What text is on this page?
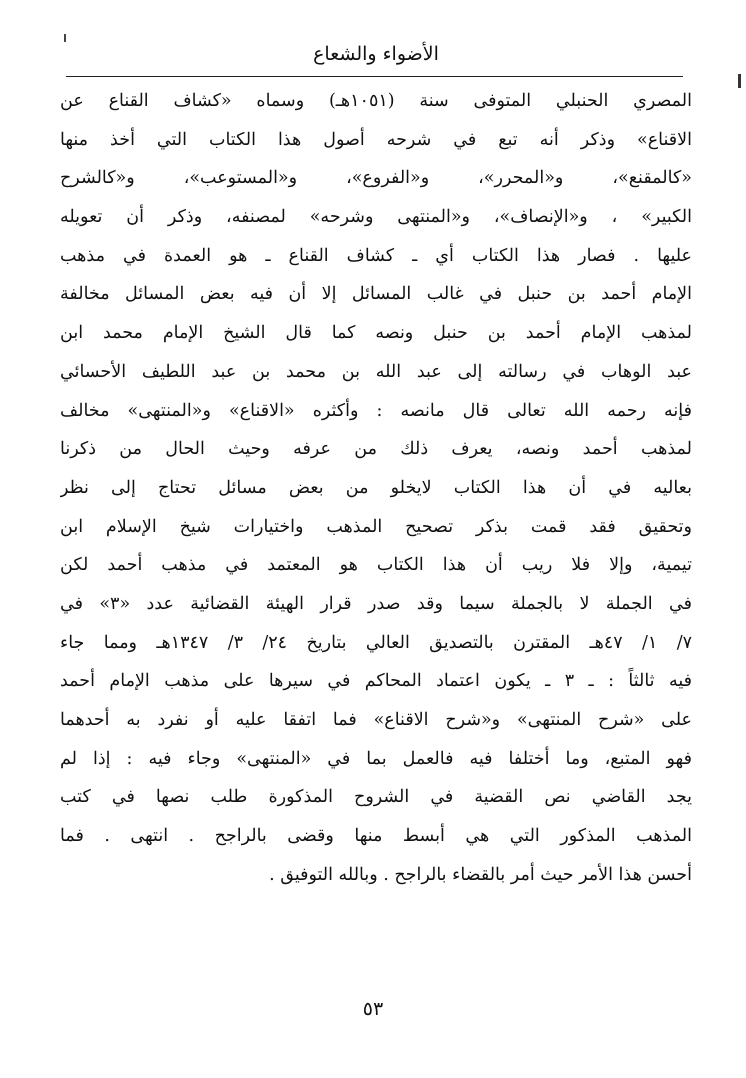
الأضواء والشعاع
المصري الحنبلي المتوفى سنة (١٠٥١هـ) وسماه «كشاف القناع عن
الاقناع» وذكر أنه تبع في شرحه أصول هذا الكتاب التي أخذ منها
«كالمقنع»، و«المحرر»، و«الفروع»، و«المستوعب»، و«كالشرح
الكبير» ، و«الإنصاف»، و«المنتهى وشرحه» لمصنفه، وذكر أن تعويله
عليها . فصار هذا الكتاب أي ـ كشاف القناع ـ هو العمدة في مذهب
الإمام أحمد بن حنبل في غالب المسائل إلا أن فيه بعض المسائل مخالفة
لمذهب الإمام أحمد بن حنبل ونصه كما قال الشيخ الإمام محمد ابن
عبد الوهاب في رسالته إلى عبد الله بن محمد بن عبد اللطيف الأحسائي
فإنه رحمه الله تعالى قال مانصه : وأكثره «الاقناع» و«المنتهى» مخالف
لمذهب أحمد ونصه، يعرف ذلك من عرفه وحيث الحال من ذكرنا
بعاليه في أن هذا الكتاب لايخلو من بعض مسائل تحتاج إلى نظر
وتحقيق فقد قمت بذكر تصحيح المذهب واختيارات شيخ الإسلام ابن
تيمية، وإلا فلا ريب أن هذا الكتاب هو المعتمد في مذهب أحمد لكن
في الجملة لا بالجملة سيما وقد صدر قرار الهيئة القضائية عدد «٣» في
٧/ ١/ ٤٧هـ المقترن بالتصديق العالي بتاريخ ٢٤/ ٣/ ١٣٤٧هـ ومما جاء
فيه ثالثاً : ـ ٣ ـ يكون اعتماد المحاكم في سيرها على مذهب الإمام أحمد
على «شرح المنتهى» و«شرح الاقناع» فما اتفقا عليه أو نفرد به أحدهما
فهو المتبع، وما أختلفا فيه فالعمل بما في «المنتهى» وجاء فيه : إذا لم
يجد القاضي نص القضية في الشروح المذكورة طلب نصها في كتب
المذهب المذكور التي هي أبسط منها وقضى بالراجح . انتهى . فما
أحسن هذا الأمر حيث أمر بالقضاء بالراجح . وبالله التوفيق .
٥٣
